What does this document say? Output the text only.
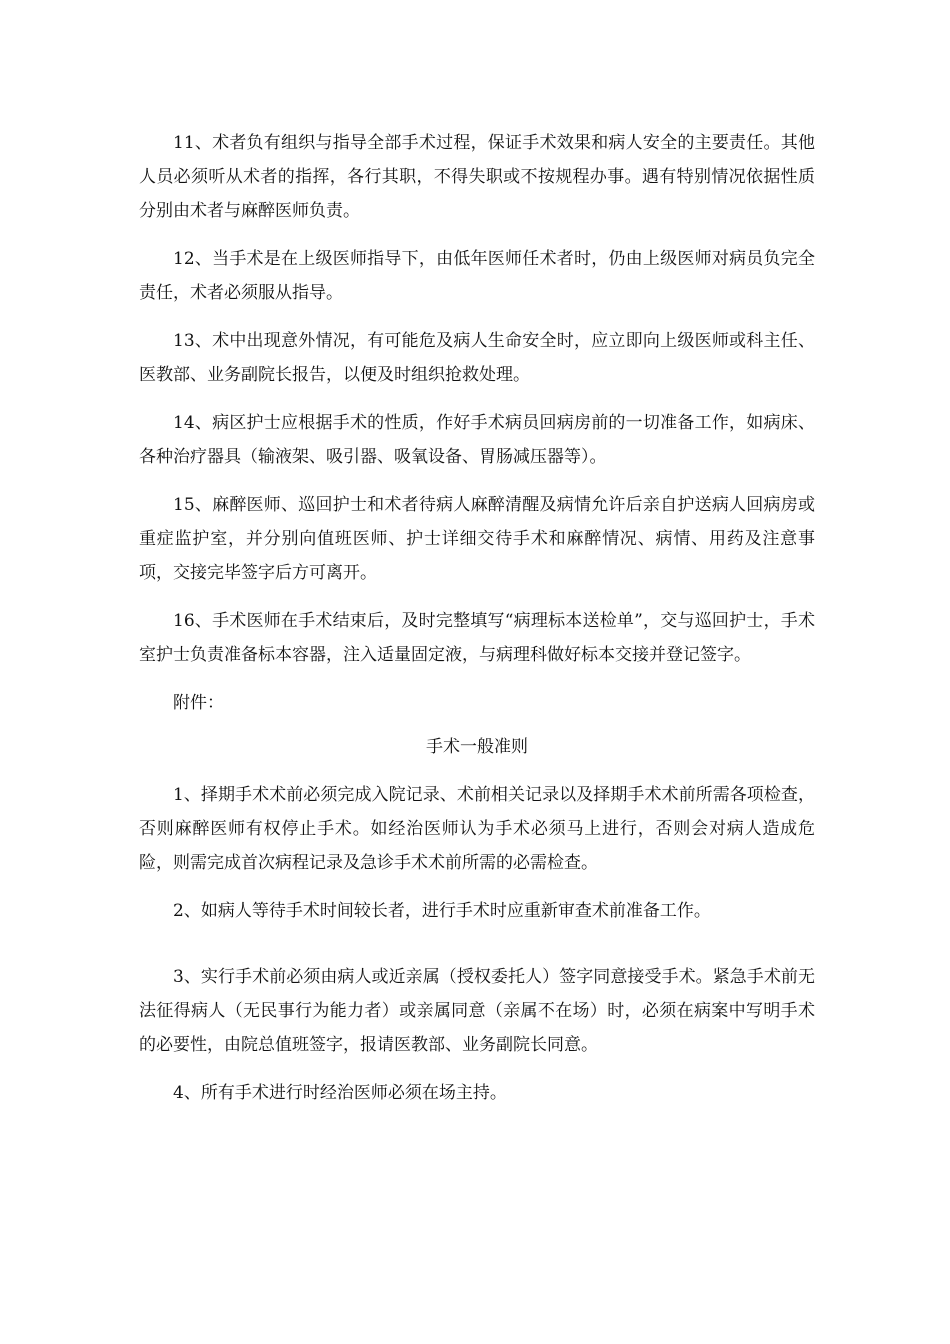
11、术者负有组织与指导全部手术过程，保证手术效果和病人安全的主要责任。其他人员必须听从术者的指挥，各行其职，不得失职或不按规程办事。遇有特别情况依据性质分别由术者与麻醉医师负责。

12、当手术是在上级医师指导下，由低年医师任术者时，仍由上级医师对病员负完全责任，术者必须服从指导。

13、术中出现意外情况，有可能危及病人生命安全时，应立即向上级医师或科主任、医教部、业务副院长报告，以便及时组织抢救处理。

14、病区护士应根据手术的性质，作好手术病员回病房前的一切准备工作，如病床、各种治疗器具（输液架、吸引器、吸氧设备、胃肠减压器等）。

15、麻醉医师、巡回护士和术者待病人麻醉清醒及病情允许后亲自护送病人回病房或重症监护室，并分别向值班医师、护士详细交待手术和麻醉情况、病情、用药及注意事项，交接完毕签字后方可离开。

16、手术医师在手术结束后，及时完整填写“病理标本送检单”，交与巡回护士，手术室护士负责准备标本容器，注入适量固定液，与病理科做好标本交接并登记签字。

附件：

手术一般准则

1、择期手术术前必须完成入院记录、术前相关记录以及择期手术术前所需各项检查，否则麻醉医师有权停止手术。如经治医师认为手术必须马上进行，否则会对病人造成危险，则需完成首次病程记录及急诊手术术前所需的必需检查。

2、如病人等待手术时间较长者，进行手术时应重新审查术前准备工作。

3、实行手术前必须由病人或近亲属（授权委托人）签字同意接受手术。紧急手术前无法征得病人（无民事行为能力者）或亲属同意（亲属不在场）时，必须在病案中写明手术的必要性，由院总值班签字，报请医教部、业务副院长同意。

4、所有手术进行时经治医师必须在场主持。
